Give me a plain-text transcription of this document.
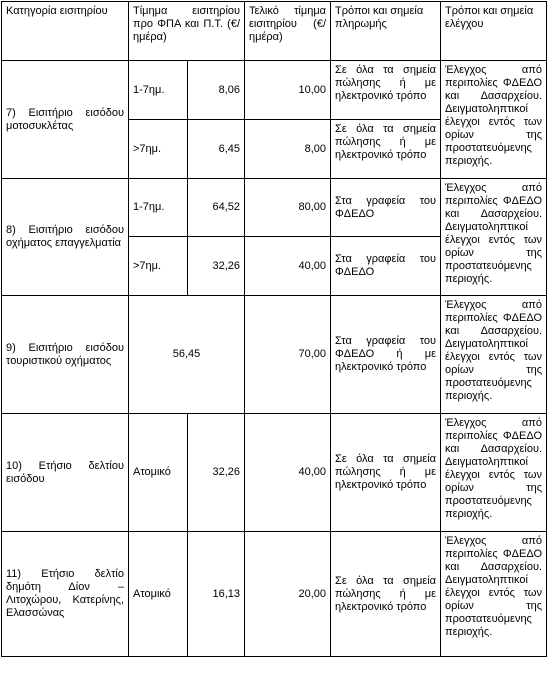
Κατηγορία εισιτηρίου	Τίμημα εισιτηρίου προ ΦΠΑ και Π.Τ. (€/ημέρα)		Τελικό τίμημα εισιτηρίου (€/ημέρα)	Τρόποι και σημεία πληρωμής	Τρόποι και σημεία ελέγχου
7) Εισιτήριο εισόδου μοτοσυκλέτας	1-7ημ.	8,06	10,00	Σε όλα τα σημεία πώλησης ή με ηλεκτρονικό τρόπο	Έλεγχος από περιπολίες ΦΔΕΔΟ και Δασαρχείου. Δειγματοληπτικοί έλεγχοι εντός των ορίων της προστατευόμενης περιοχής.
	>7ημ.	6,45	8,00	Σε όλα τα σημεία πώλησης ή με ηλεκτρονικό τρόπο	
8) Εισιτήριο εισόδου οχήματος επαγγελματία	1-7ημ.	64,52	80,00	Στα γραφεία του ΦΔΕΔΟ	Έλεγχος από περιπολίες ΦΔΕΔΟ και Δασαρχείου. Δειγματοληπτικοί έλεγχοι εντός των ορίων της προστατευόμενης περιοχής.
	>7ημ.	32,26	40,00	Στα γραφεία του ΦΔΕΔΟ	
9) Εισιτήριο εισόδου τουριστικού οχήματος	56,45		70,00	Στα γραφεία του ΦΔΕΔΟ ή με ηλεκτρονικό τρόπο	Έλεγχος από περιπολίες ΦΔΕΔΟ και Δασαρχείου. Δειγματοληπτικοί έλεγχοι εντός των ορίων της προστατευόμενης περιοχής.
10) Ετήσιο δελτίου εισόδου	Ατομικό	32,26	40,00	Σε όλα τα σημεία πώλησης ή με ηλεκτρονικό τρόπο	Έλεγχος από περιπολίες ΦΔΕΔΟ και Δασαρχείου. Δειγματοληπτικοί έλεγχοι εντός των ορίων της προστατευόμενης περιοχής.
11) Ετήσιο δελτίο δημότη Δίον – Λιτοχώρου, Κατερίνης, Ελασσώνας	Ατομικό	16,13	20,00	Σε όλα τα σημεία πώλησης ή με ηλεκτρονικό τρόπο	Έλεγχος από περιπολίες ΦΔΕΔΟ και Δασαρχείου. Δειγματοληπτικοί έλεγχοι εντός των ορίων της προστατευόμενης περιοχής.
